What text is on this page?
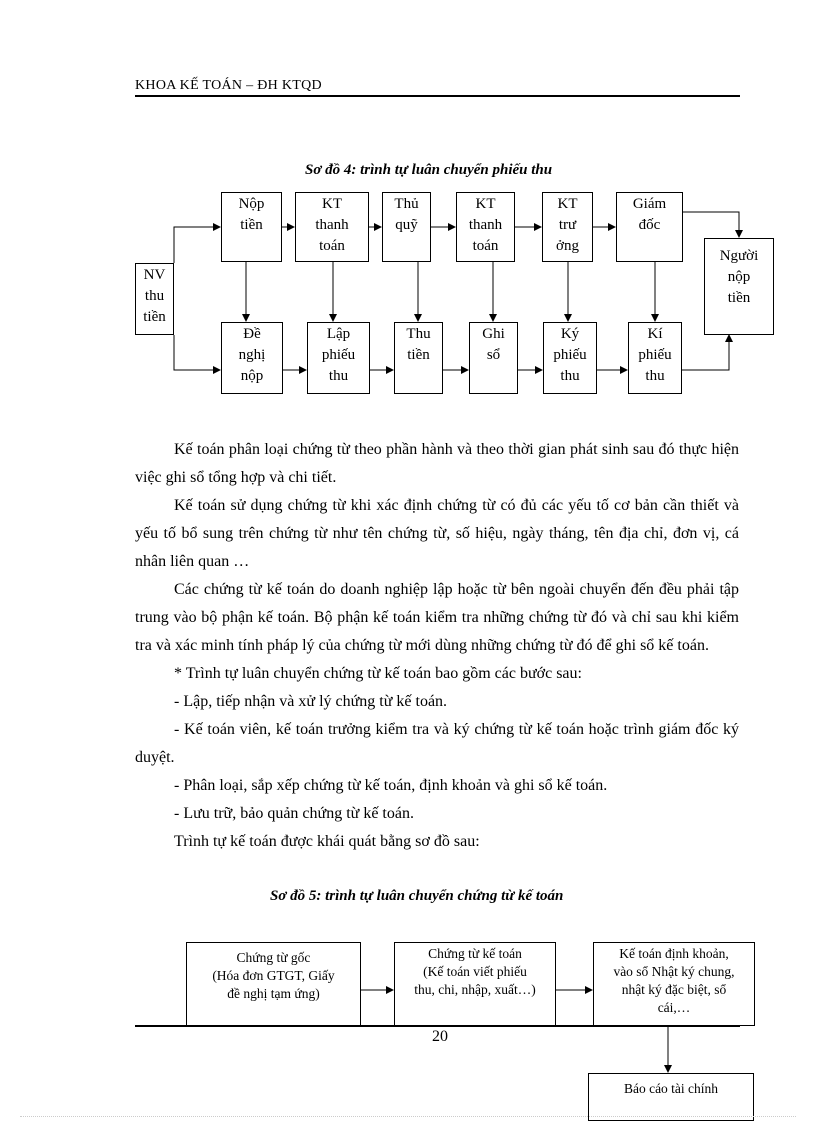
KHOA KẾ TOÁN – ĐH KTQD
Sơ đồ 4: trình tự luân chuyển phiếu thu
NV
thu
tiền
Nộp
tiền
KT
thanh
toán
Thủ
quỹ
KT
thanh
toán
KT
trư
ởng
Giám
đốc
Người
nộp
tiền
Đề
nghị
nộp
Lập
phiếu
thu
Thu
tiền
Ghi
sổ
Ký
phiếu
thu
Kí
phiếu
thu

Kế toán phân loại chứng từ theo phần hành và theo thời gian phát sinh sau đó thực hiện việc ghi sổ tổng hợp và chi tiết.

Kế toán sử dụng chứng từ khi xác định chứng từ có đủ các yếu tố cơ bản cần thiết và yếu tố bổ sung trên chứng từ như tên chứng từ, số hiệu, ngày tháng, tên địa chỉ, đơn vị, cá nhân liên quan …

Các chứng từ kế toán do doanh nghiệp lập hoặc từ bên ngoài chuyển đến đều phải tập trung vào bộ phận kế toán. Bộ phận kế toán kiểm tra những chứng từ đó và chỉ sau khi kiểm tra và xác minh tính pháp lý của chứng từ mới dùng những chứng từ đó để ghi sổ kế toán.

* Trình tự luân chuyển chứng từ kế toán bao gồm các bước sau:

- Lập, tiếp nhận và xử lý chứng từ kế toán.

- Kế toán viên, kế toán trưởng kiểm tra và ký chứng từ kế toán hoặc trình giám đốc ký duyệt.

- Phân loại, sắp xếp chứng từ kế toán, định khoản và ghi sổ kế toán.

- Lưu trữ, bảo quản chứng từ kế toán.

Trình tự kế toán được khái quát bằng sơ đồ sau:

Sơ đồ 5: trình tự luân chuyển chứng từ kế toán
Chứng từ gốc
(Hóa đơn GTGT, Giấy
đề nghị tạm ứng)
Chứng từ kế toán
(Kế toán viết phiếu
thu, chi, nhập, xuất…)
Kế toán định khoản,
vào sổ Nhật ký chung,
nhật ký đặc biệt, sổ
cái,…
Báo cáo tài chính
20
